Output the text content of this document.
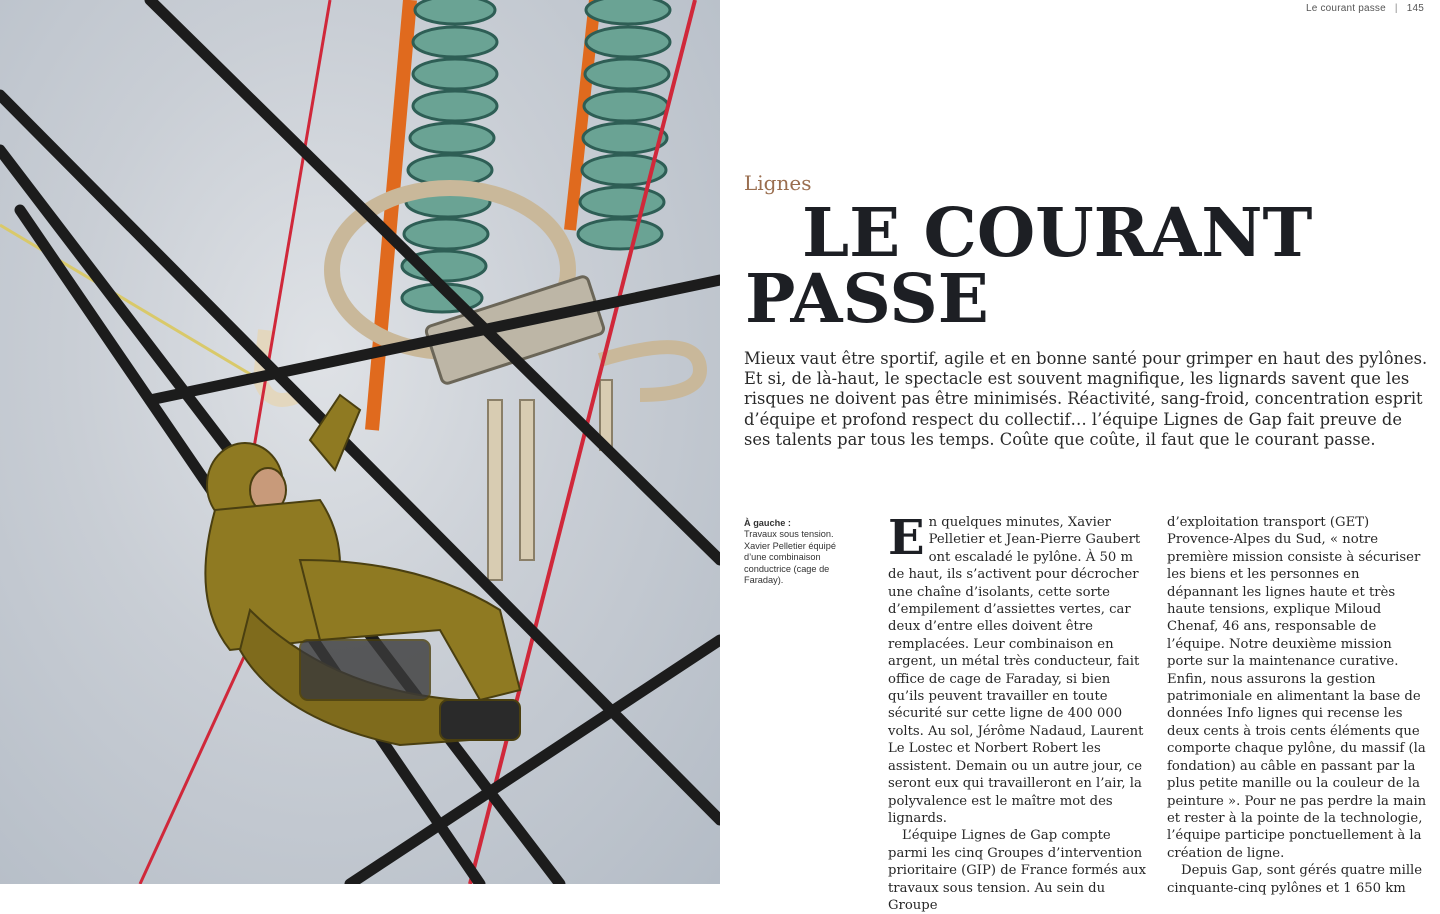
Le courant passe | 145
Lignes
LE COURANT
PASSE
Mieux vaut être sportif, agile et en bonne santé pour grimper en haut des pylônes. Et si, de là-haut, le spectacle est souvent magnifique, les lignards savent que les risques ne doivent pas être minimisés. Réactivité, sang-froid, concentration esprit d’équipe et profond respect du collectif… l’équipe Lignes de Gap fait preuve de ses talents par tous les temps. Coûte que coûte, il faut que le courant passe.
À gauche :
Travaux sous tension. Xavier Pelletier équipé d’une combinaison conductrice (cage de Faraday).

En quelques minutes, Xavier Pelletier et Jean-Pierre Gaubert ont escaladé le pylône. À 50 m de haut, ils s’activent pour décrocher une chaîne d’isolants, cette sorte d’empilement d’assiettes vertes, car deux d’entre elles doivent être remplacées. Leur combinaison en argent, un métal très conducteur, fait office de cage de Faraday, si bien qu’ils peuvent travailler en toute sécurité sur cette ligne de 400 000 volts. Au sol, Jérôme Nadaud, Laurent Le Lostec et Norbert Robert les assistent. Demain ou un autre jour, ce seront eux qui travailleront en l’air, la polyvalence est le maître mot des lignards.

L’équipe Lignes de Gap compte parmi les cinq Groupes d’intervention prioritaire (GIP) de France formés aux travaux sous tension. Au sein du Groupe

d’exploitation transport (GET) Provence-Alpes du Sud, « notre première mission consiste à sécuriser les biens et les personnes en dépannant les lignes haute et très haute tensions, explique Miloud Chenaf, 46 ans, responsable de l’équipe. Notre deuxième mission porte sur la maintenance curative. Enfin, nous assurons la gestion patrimoniale en alimentant la base de données Info lignes qui recense les deux cents à trois cents éléments que comporte chaque pylône, du massif (la fondation) au câble en passant par la plus petite manille ou la couleur de la peinture ». Pour ne pas perdre la main et rester à la pointe de la technologie, l’équipe participe ponctuellement à la création de ligne.

Depuis Gap, sont gérés quatre mille cinquante-cinq pylônes et 1 650 km
